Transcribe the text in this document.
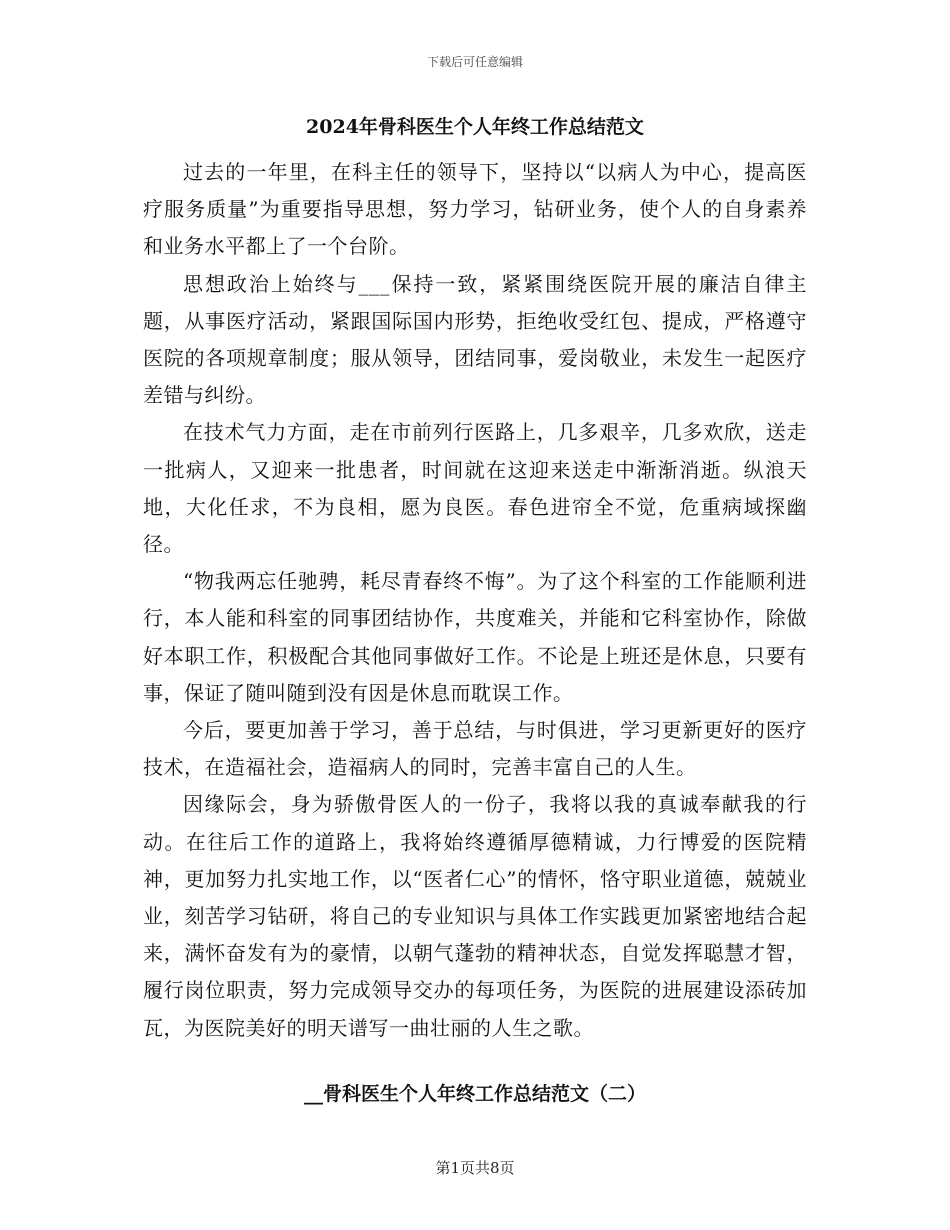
下载后可任意编辑
2024年骨科医生个人年终工作总结范文

过去的一年里，在科主任的领导下，坚持以“以病人为中心，提高医疗服务质量”为重要指导思想，努力学习，钻研业务，使个人的自身素养和业务水平都上了一个台阶。

思想政治上始终与___保持一致，紧紧围绕医院开展的廉洁自律主题，从事医疗活动，紧跟国际国内形势，拒绝收受红包、提成，严格遵守医院的各项规章制度；服从领导，团结同事，爱岗敬业，未发生一起医疗差错与纠纷。

在技术气力方面，走在市前列行医路上，几多艰辛，几多欢欣，送走一批病人，又迎来一批患者，时间就在这迎来送走中渐渐消逝。纵浪天地，大化任求，不为良相，愿为良医。春色进帘全不觉，危重病域探幽径。

“物我两忘任驰骋，耗尽青春终不悔”。为了这个科室的工作能顺利进行，本人能和科室的同事团结协作，共度难关，并能和它科室协作，除做好本职工作，积极配合其他同事做好工作。不论是上班还是休息，只要有事，保证了随叫随到没有因是休息而耽误工作。

今后，要更加善于学习，善于总结，与时俱进，学习更新更好的医疗技术，在造福社会，造福病人的同时，完善丰富自己的人生。

因缘际会，身为骄傲骨医人的一份子，我将以我的真诚奉献我的行动。在往后工作的道路上，我将始终遵循厚德精诚，力行博爱的医院精神，更加努力扎实地工作，以“医者仁心”的情怀，恪守职业道德，兢兢业业，刻苦学习钻研，将自己的专业知识与具体工作实践更加紧密地结合起来，满怀奋发有为的豪情，以朝气蓬勃的精神状态，自觉发挥聪慧才智，履行岗位职责，努力完成领导交办的每项任务，为医院的进展建设添砖加瓦，为医院美好的明天谱写一曲壮丽的人生之歌。

__骨科医生个人年终工作总结范文（二）
第1页共8页
